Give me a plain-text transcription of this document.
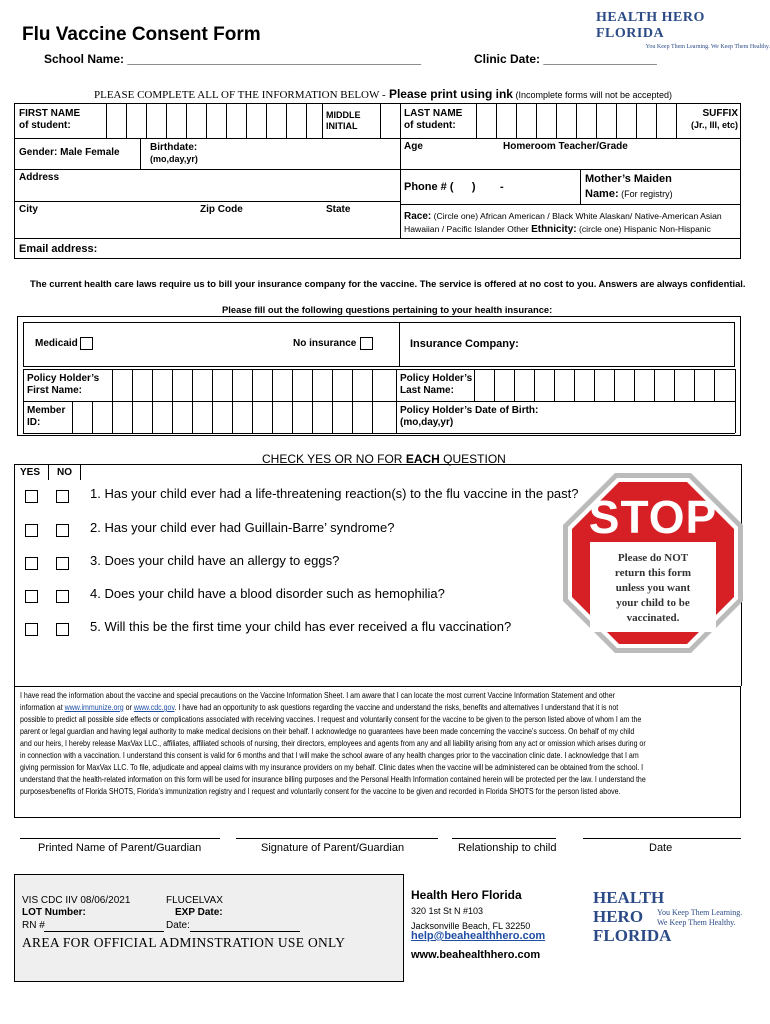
Flu Vaccine Consent Form
HEALTH HERO FLORIDA
You Keep Them Learning. We Keep Them Healthy.
School Name: ____________________________________________	Clinic Date: _________________
PLEASE COMPLETE ALL OF THE INFORMATION BELOW - Please print using ink (Incomplete forms will not be accepted)
FIRST NAME
of student:
MIDDLE
INITIAL
LAST NAME
of student:
SUFFIX
(Jr., III, etc)
Gender: Male Female	Birthdate:
(mo,day,yr)
Age	Homeroom Teacher/Grade
Address
Phone # (      )        -
Mother’s Maiden
Name: (For registry)
City	Zip Code	State
Race: (Circle one) African American / Black White Alaskan/ Native-American Asian
Hawaiian / Pacific Islander Other Ethnicity: (circle one) Hispanic Non-Hispanic
Email address:
The current health care laws require us to bill your insurance company for the vaccine. The service is offered at no cost to you. Answers are always confidential.
Please fill out the following questions pertaining to your health insurance:
Medicaid	No insurance	Insurance Company:
Policy Holder’s
First Name:
Policy Holder’s
Last Name:
Member
ID:
Policy Holder’s Date of Birth:
(mo,day,yr)
CHECK YES OR NO FOR EACH QUESTION
YES NO

1. Has your child ever had a life-threatening reaction(s) to the flu vaccine in the past?

2. Has your child ever had Guillain-Barre’ syndrome?

3. Does your child have an allergy to eggs?

4. Does your child have a blood disorder such as hemophilia?

5. Will this be the first time your child has ever received a flu vaccination?
STOP
Please do NOT
return this form
unless you want
your child to be
vaccinated.
I have read the information about the vaccine and special precautions on the Vaccine Information Sheet. I am aware that I can locate the most current Vaccine Information Statement and other
information at www.immunize.org or www.cdc.gov. I have had an opportunity to ask questions regarding the vaccine and understand the risks, benefits and alternatives I understand that it is not
possible to predict all possible side effects or complications associated with receiving vaccines. I request and voluntarily consent for the vaccine to be given to the person listed above of whom I am the
parent or legal guardian and having legal authority to make medical decisions on their behalf. I acknowledge no guarantees have been made concerning the vaccine’s success. On behalf of my child
and our heirs, I hereby release MaxVax LLC., affiliates, affiliated schools of nursing, their directors, employees and agents from any and all liability arising from any act or omission which arises during or
in connection with a vaccination. I understand this consent is valid for 6 months and that I will make the school aware of any health changes prior to the vaccination clinic date. I acknowledge that I am
giving permission for MaxVax LLC. To file, adjudicate and appeal claims with my insurance providers on my behalf. Clinic dates when the vaccine will be administered can be obtained from the school. I
understand that the health-related information on this form will be used for insurance billing purposes and the Personal Health Information contained herein will be protected per the law. I understand the
purposes/benefits of Florida SHOTS, Florida’s immunization registry and I request and voluntarily consent for the vaccine to be given and recorded in Florida SHOTS for the person listed above.
Printed Name of Parent/Guardian	Signature of Parent/Guardian	Relationship to child	Date
VIS CDC IIV 08/06/2021	FLUCELVAX
LOT Number:	EXP Date:
RN #	Date:
AREA FOR OFFICIAL ADMINSTRATION USE ONLY
Health Hero Florida
320 1st St N #103
Jacksonville Beach, FL 32250
help@beahealthhero.com
www.beahealthhero.com
HEALTH
HERO
FLORIDA
You Keep Them Learning.
We Keep Them Healthy.
